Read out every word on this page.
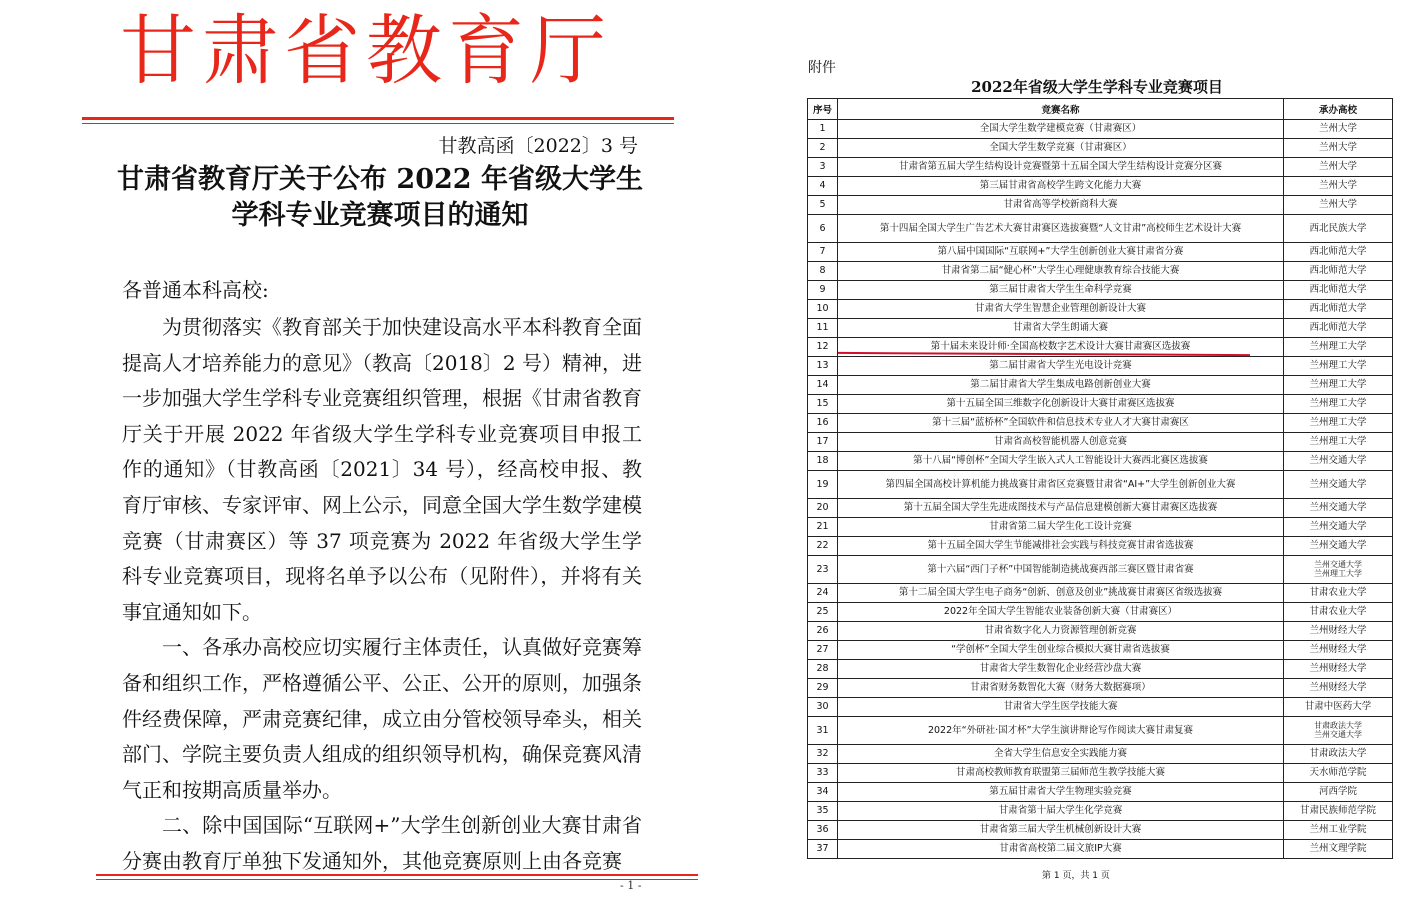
甘肃省教育厅
甘教高函〔2022〕3 号
甘肃省教育厅关于公布 2022 年省级大学生
学科专业竞赛项目的通知
各普通本科高校:

为贯彻落实《教育部关于加快建设高水平本科教育全面提高人才培养能力的意见》（教高〔2018〕2 号）精神，进一步加强大学生学科专业竞赛组织管理，根据《甘肃省教育厅关于开展 2022 年省级大学生学科专业竞赛项目申报工作的通知》（甘教高函〔2021〕34 号），经高校申报、教育厅审核、专家评审、网上公示，同意全国大学生数学建模竞赛（甘肃赛区）等 37 项竞赛为 2022 年省级大学生学科专业竞赛项目，现将名单予以公布（见附件），并将有关事宜通知如下。

一、各承办高校应切实履行主体责任，认真做好竞赛筹备和组织工作，严格遵循公平、公正、公开的原则，加强条件经费保障，严肃竞赛纪律，成立由分管校领导牵头，相关部门、学院主要负责人组成的组织领导机构，确保竞赛风清气正和按期高质量举办。

二、除中国国际“互联网+”大学生创新创业大赛甘肃省分赛由教育厅单独下发通知外，其他竞赛原则上由各竞赛

- 1 -
附件
2022年省级大学生学科专业竞赛项目
序号	竞赛名称	承办高校
1	全国大学生数学建模竞赛（甘肃赛区）	兰州大学
2	全国大学生数学竞赛（甘肃赛区）	兰州大学
3	甘肃省第五届大学生结构设计竞赛暨第十五届全国大学生结构设计竞赛分区赛	兰州大学
4	第三届甘肃省高校学生跨文化能力大赛	兰州大学
5	甘肃省高等学校新商科大赛	兰州大学
6	第十四届全国大学生广告艺术大赛甘肃赛区选拔赛暨“人文甘肃”高校师生艺术设计大赛	西北民族大学
7	第八届中国国际“互联网+”大学生创新创业大赛甘肃省分赛	西北师范大学
8	甘肃省第二届“健心杯”大学生心理健康教育综合技能大赛	西北师范大学
9	第三届甘肃省大学生生命科学竞赛	西北师范大学
10	甘肃省大学生智慧企业管理创新设计大赛	西北师范大学
11	甘肃省大学生朗诵大赛	西北师范大学
12	第十届未来设计师·全国高校数字艺术设计大赛甘肃赛区选拔赛	兰州理工大学
13	第二届甘肃省大学生光电设计竞赛	兰州理工大学
14	第二届甘肃省大学生集成电路创新创业大赛	兰州理工大学
15	第十五届全国三维数字化创新设计大赛甘肃赛区选拔赛	兰州理工大学
16	第十三届“蓝桥杯”全国软件和信息技术专业人才大赛甘肃赛区	兰州理工大学
17	甘肃省高校智能机器人创意竞赛	兰州理工大学
18	第十八届“博创杯”全国大学生嵌入式人工智能设计大赛西北赛区选拔赛	兰州交通大学
19	第四届全国高校计算机能力挑战赛甘肃省区竞赛暨甘肃省“AI+”大学生创新创业大赛	兰州交通大学
20	第十五届全国大学生先进成图技术与产品信息建模创新大赛甘肃赛区选拔赛	兰州交通大学
21	甘肃省第二届大学生化工设计竞赛	兰州交通大学
22	第十五届全国大学生节能减排社会实践与科技竞赛甘肃省选拔赛	兰州交通大学
23	第十六届“西门子杯”中国智能制造挑战赛西部三赛区暨甘肃省赛	兰州交通大学
兰州理工大学
24	第十二届全国大学生电子商务“创新、创意及创业”挑战赛甘肃赛区省级选拔赛	甘肃农业大学
25	2022年全国大学生智能农业装备创新大赛（甘肃赛区）	甘肃农业大学
26	甘肃省数字化人力资源管理创新竞赛	兰州财经大学
27	“学创杯”全国大学生创业综合模拟大赛甘肃省选拔赛	兰州财经大学
28	甘肃省大学生数智化企业经营沙盘大赛	兰州财经大学
29	甘肃省财务数智化大赛（财务大数据赛项）	兰州财经大学
30	甘肃省大学生医学技能大赛	甘肃中医药大学
31	2022年“外研社·国才杯”大学生演讲辩论写作阅读大赛甘肃复赛	甘肃政法大学
兰州交通大学
32	全省大学生信息安全实践能力赛	甘肃政法大学
33	甘肃高校教师教育联盟第三届师范生教学技能大赛	天水师范学院
34	第五届甘肃省大学生物理实验竞赛	河西学院
35	甘肃省第十届大学生化学竞赛	甘肃民族师范学院
36	甘肃省第三届大学生机械创新设计大赛	兰州工业学院
37	甘肃省高校第二届文旅IP大赛	兰州文理学院
第 1 页，共 1 页
